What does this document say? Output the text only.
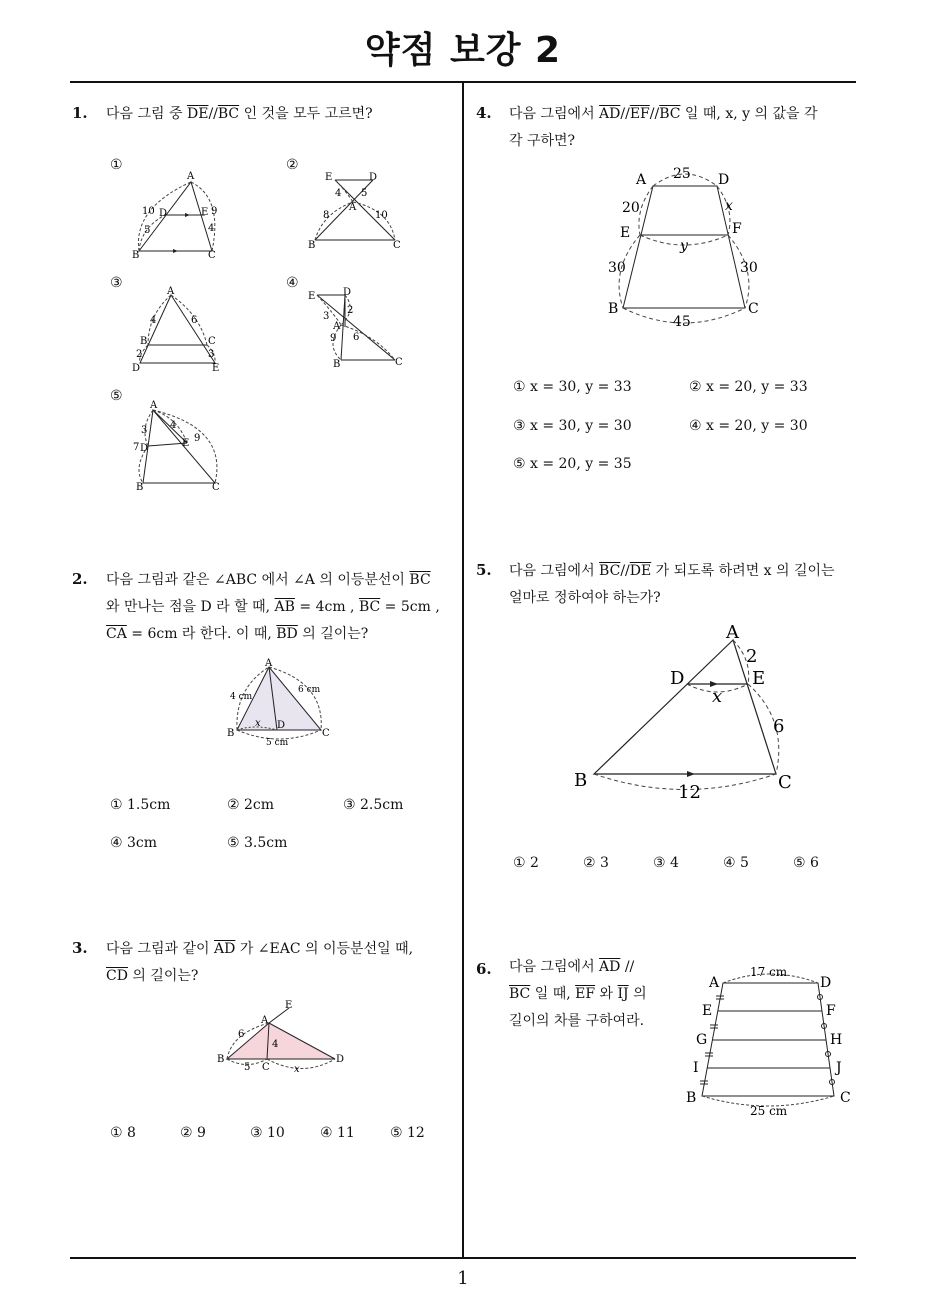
약점 보강 2
1
1. 다음 그림 중 $\overline{DE}//\overline{BC}$ 인 것을 모두 고르면?
①	②
③	④
⑤
A
D	E
B	C
10
5
9
4
E	D
A
B	C
4 5
8	10
A
B	C
D	E
4	6
2	3
E	D
A
B	C
2
3
9 6
A
D	E
B	C
3 4
7
9
2. 다음 그림과 같은 ∠ABC 에서 ∠A 의 이등분선이 $\overline{BC}$
와 만나는 점을 D 라 할 때, $\overline{AB} = 4cm$ , $\overline{BC} = 5cm$ ,
$\overline{CA} = 6cm$ 라 한다. 이 때, $\overline{BD}$ 의 길이는?
A
B	C
D
4 cm
6 cm
5 cm
x
① 1.5cm	② 2cm	③ 2.5cm
④ 3cm	⑤ 3.5cm
3. 다음 그림과 같이 $\overline{AD}$ 가 ∠EAC 의 이등분선일 때,
$\overline{CD}$ 의 길이는?
A
E
B
C
D
6
4
5	x
① 8	② 9	③ 10	④ 11	⑤ 12
4. 다음 그림에서 $\overline{AD}//\overline{EF}//\overline{BC}$ 일 때, x, y 의 값을 각
각 구하면?
A	D
E	F
B	C
25
20	x
y
30	30
45
① x = 30, y = 33	② x = 20, y = 33
③ x = 30, y = 30	④ x = 20, y = 30
⑤ x = 20, y = 35
5. 다음 그림에서 $\overline{BC}//\overline{DE}$ 가 되도록 하려면 x 의 길이는
얼마로 정하여야 하는가?
A
D	E
B	C
2
6
x
12
① 2	② 3	③ 4	④ 5	⑤ 6
6. 다음 그림에서 $\overline{AD}$ //
$\overline{BC}$ 일 때, $\overline{EF}$ 와 $\overline{IJ}$ 의
길이의 차를 구하여라.
A	D
E	F
G	H
I	J
B	C
17 cm
25 cm
